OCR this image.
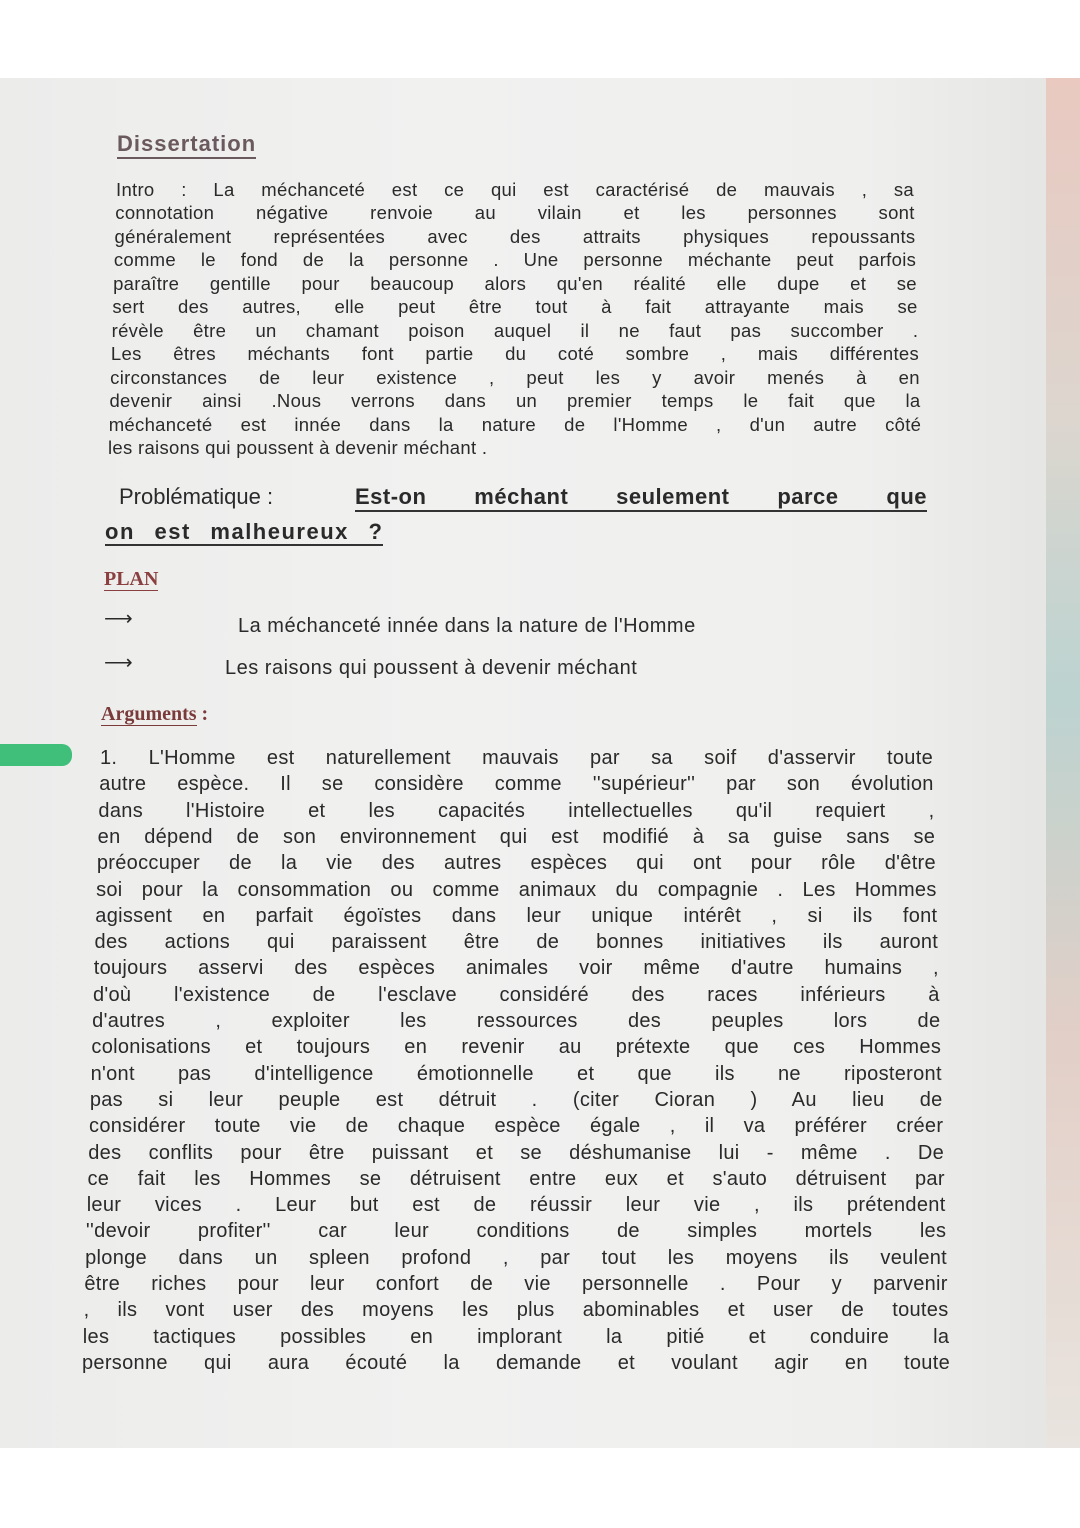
Dissertation
Intro : La méchanceté est ce qui est caractérisé de mauvais , sa
connotation négative renvoie au vilain et les personnes sont
généralement représentées avec des attraits physiques repoussants
comme le fond de la personne . Une personne méchante peut parfois
paraître gentille pour beaucoup alors qu'en réalité elle dupe et se
sert des autres, elle peut être tout à fait attrayante mais se
révèle être un chamant poison auquel il ne faut pas succomber .
Les êtres méchants font partie du coté sombre , mais différentes
circonstances de leur existence , peut les y avoir menés à en
devenir ainsi .Nous verrons dans un premier temps le fait que la
méchanceté est innée dans la nature de l'Homme , d'un autre côté
les raisons qui poussent à devenir méchant .
Problématique :	Est-on méchant seulement parce que
on est malheureux ?
PLAN
⟶	La méchanceté innée dans la nature de l'Homme
⟶	Les raisons qui poussent à devenir méchant
Arguments :
1. L'Homme est naturellement mauvais par sa soif d'asservir toute
autre espèce. Il se considère comme ''supérieur'' par son évolution
dans l'Histoire et les capacités intellectuelles qu'il requiert ,
en dépend de son environnement qui est modifié à sa guise sans se
préoccuper de la vie des autres espèces qui ont pour rôle d'être
soi pour la consommation ou comme animaux du compagnie . Les Hommes
agissent en parfait égoïstes dans leur unique intérêt , si ils font
des actions qui paraissent être de bonnes initiatives ils auront
toujours asservi des espèces animales voir même d'autre humains ,
d'où l'existence de l'esclave considéré des races inférieurs à
d'autres , exploiter les ressources des peuples lors de
colonisations et toujours en revenir au prétexte que ces Hommes
n'ont pas d'intelligence émotionnelle et que ils ne riposteront
pas si leur peuple est détruit . (citer Cioran ) Au lieu de
considérer toute vie de chaque espèce égale , il va préférer créer
des conflits pour être puissant et se déshumanise lui - même . De
ce fait les Hommes se détruisent entre eux et s'auto détruisent par
leur vices . Leur but est de réussir leur vie , ils prétendent
''devoir profiter'' car leur conditions de simples mortels les
plonge dans un spleen profond , par tout les moyens ils veulent
être riches pour leur confort de vie personnelle . Pour y parvenir
, ils vont user des moyens les plus abominables et user de toutes
les tactiques possibles en implorant la pitié et conduire la
personne qui aura écouté la demande et voulant agir en toute
